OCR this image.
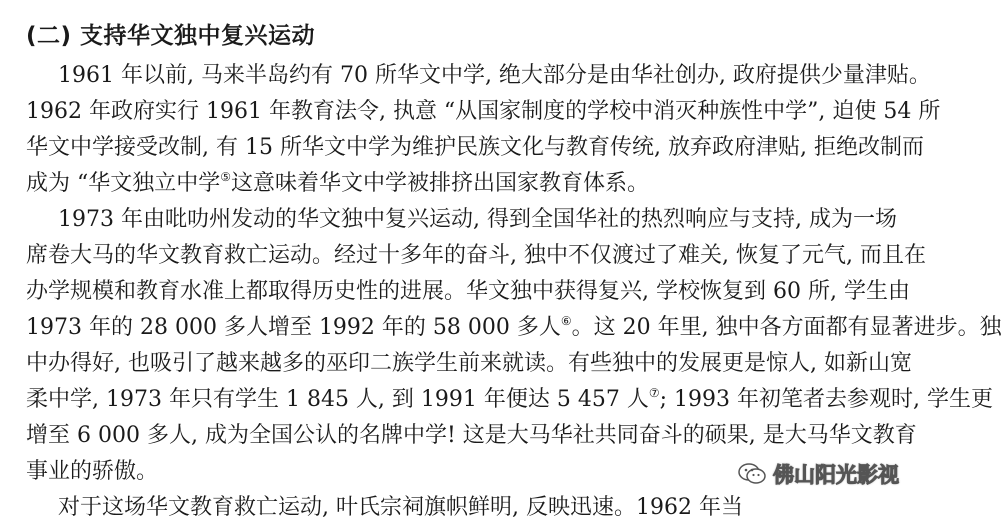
(二) 支持华文独中复兴运动
1961 年以前, 马来半岛约有 70 所华文中学, 绝大部分是由华社创办, 政府提供少量津贴。
1962 年政府实行 1961 年教育法令, 执意 “从国家制度的学校中消灭种族性中学”, 迫使 54 所
华文中学接受改制, 有 15 所华文中学为维护民族文化与教育传统, 放弃政府津贴, 拒绝改制而
成为 “华文独立中学⑤这意味着华文中学被排挤出国家教育体系。
1973 年由吡叻州发动的华文独中复兴运动, 得到全国华社的热烈响应与支持, 成为一场
席卷大马的华文教育救亡运动。经过十多年的奋斗, 独中不仅渡过了难关, 恢复了元气, 而且在
办学规模和教育水准上都取得历史性的进展。华文独中获得复兴, 学校恢复到 60 所, 学生由
1973 年的 28 000 多人增至 1992 年的 58 000 多人⑥。这 20 年里, 独中各方面都有显著进步。独
中办得好, 也吸引了越来越多的巫印二族学生前来就读。有些独中的发展更是惊人, 如新山宽
柔中学, 1973 年只有学生 1 845 人, 到 1991 年便达 5 457 人⑦; 1993 年初笔者去参观时, 学生更
增至 6 000 多人, 成为全国公认的名牌中学! 这是大马华社共同奋斗的硕果, 是大马华文教育
事业的骄傲。
对于这场华文教育救亡运动, 叶氏宗祠旗帜鲜明, 反映迅速。1962 年当
佛山阳光影视
